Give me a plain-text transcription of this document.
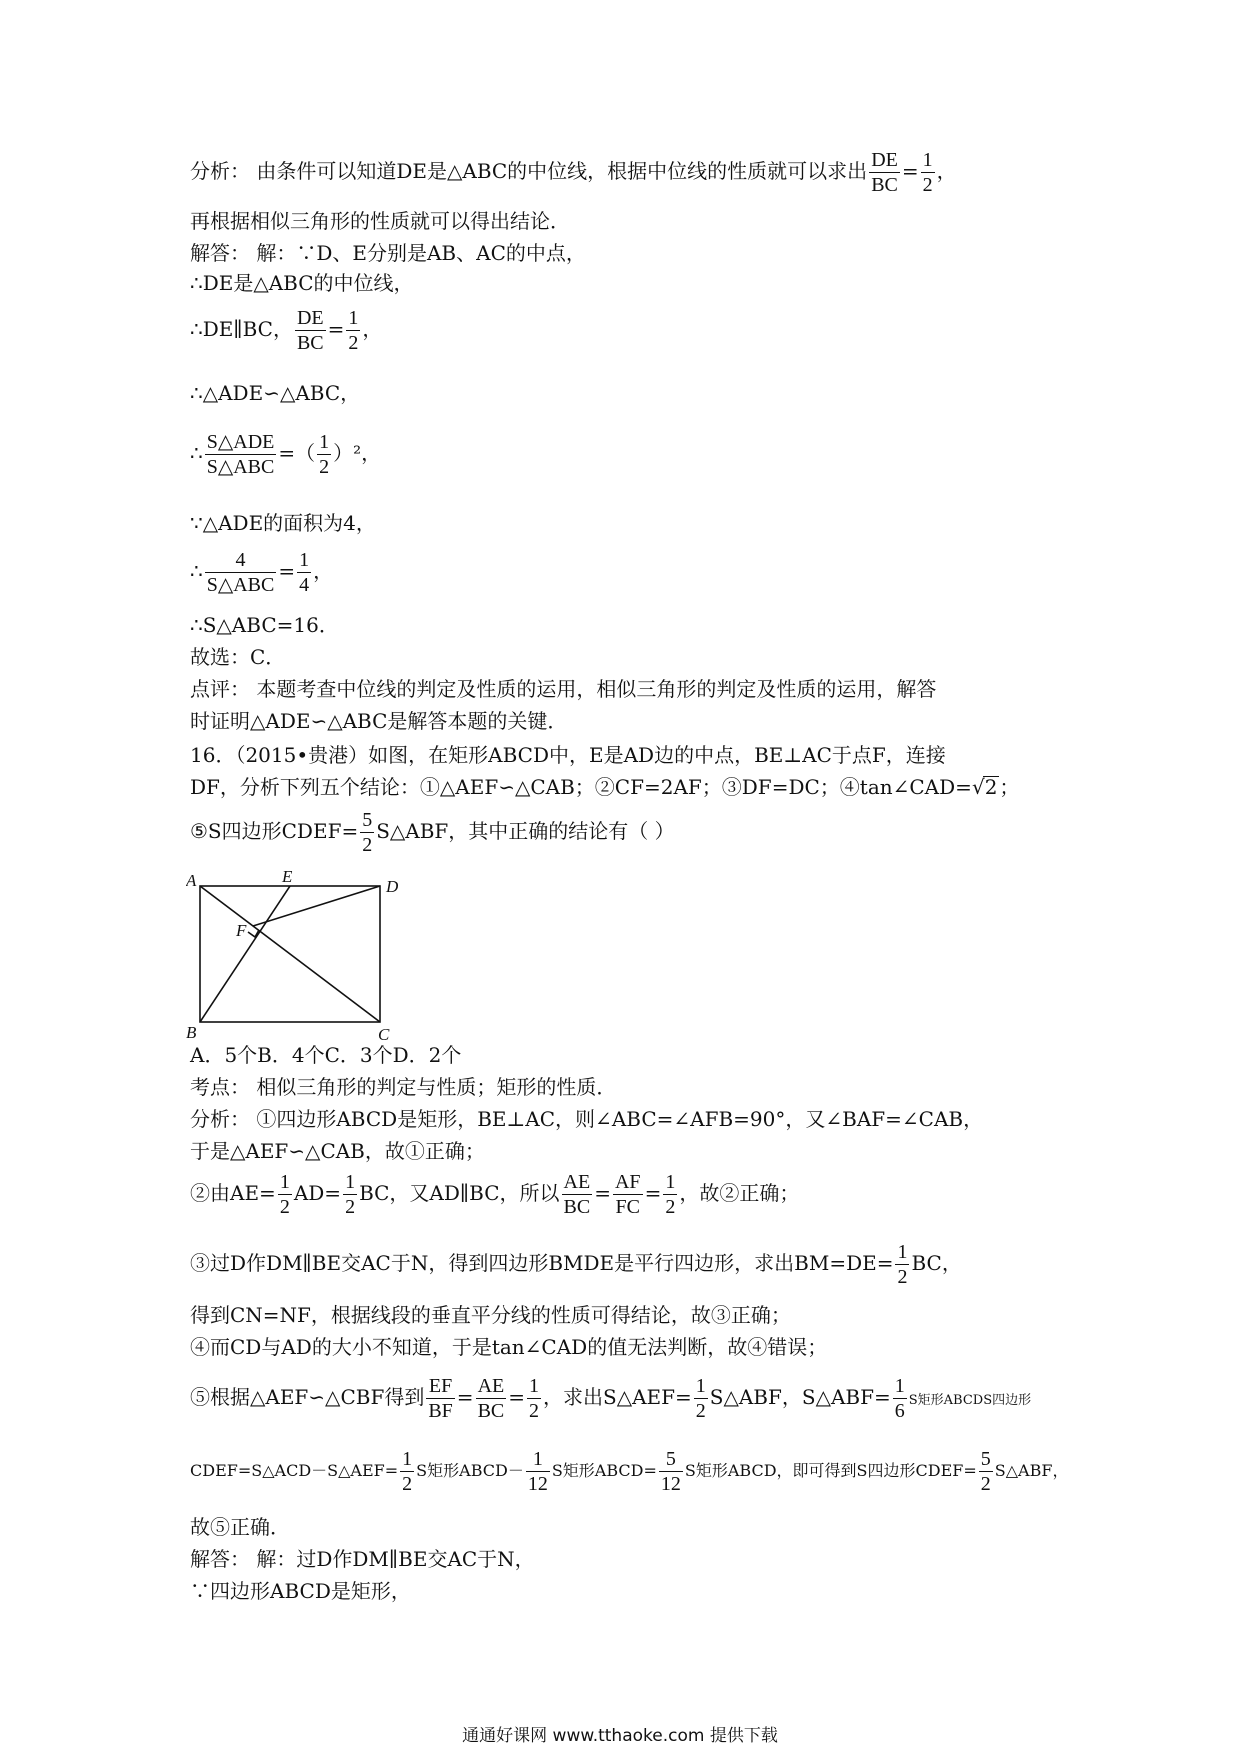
分析： 由条件可以知道DE是△ABC的中位线，根据中位线的性质就可以求出 $\frac{DE}{BC} = \frac{1}{2}$ ，
再根据相似三角形的性质就可以得出结论．
解答： 解：∵D、E分别是AB、AC的中点，
∴DE是△ABC的中位线，
∴DE∥BC， $\frac{DE}{BC} = \frac{1}{2}$ ，
∴△ADE∽△ABC，
∴ $\frac{\text{S△ADE}}{\text{S△ABC}}$ =（ $\frac{1}{2} )^2$，
∵△ADE的面积为4，
∴ $\frac{4}{\text{S△ABC}} = \frac{1}{4}$ ，
∴S△ABC=16．
故选：C．
点评： 本题考查中位线的判定及性质的运用，相似三角形的判定及性质的运用，解答
时证明△ADE∽△ABC是解答本题的关键．
16．（2015•贵港）如图，在矩形ABCD中，E是AD边的中点，BE⊥AC于点F，连接
DF，分析下列五个结论：①△AEF∽△CAB；②CF=2AF；③DF=DC；④tan∠CAD=√2 ；
⑤S四边形CDEF= $\frac{5}{2}$ S△ABF，其中正确的结论有（ ）
A	E
D
F
B	C
A．5个B．4个C．3个D．2个
考点： 相似三角形的判定与性质；矩形的性质．
分析： ①四边形ABCD是矩形，BE⊥AC，则∠ABC=∠AFB=90°，又∠BAF=∠CAB，
于是△AEF∽△CAB，故①正确；
②由$AE= \frac{1}{2} AD= \frac{1}{2}$ BC，又AD∥BC，所以 $\frac{AE}{BC} = \frac{AF}{FC} = \frac{1}{2}$ ，故②正确；
③过D作DM∥BE交AC于N，得到四边形BMDE是平行四边形，求出$BM=DE= \frac{1}{2}$ BC，
得到CN=NF，根据线段的垂直平分线的性质可得结论，故③正确；
④而CD与AD的大小不知道，于是tan∠CAD的值无法判断，故④错误；
⑤根据△AEF∽△CBF得到 $\frac{EF}{BF} = \frac{AE}{BC} = \frac{1}{2}$ ，求出S△AEF= $\frac{1}{2}$ S△ABF，S△ABF= $\frac{1}{6}$ S矩形ABCDS四边形
CDEF=S△ACD－S△AEF= $\frac{1}{2}$ S矩形ABCD－ $\frac{1}{12}$ S矩形ABCD= $\frac{5}{12}$ S矩形ABCD，即可得到S四边形CDEF= $\frac{5}{2}$ S△ABF，
故⑤正确．
解答： 解：过D作DM∥BE交AC于N，
∵四边形ABCD是矩形，
通通好课网 www.tthaoke.com 提供下载
